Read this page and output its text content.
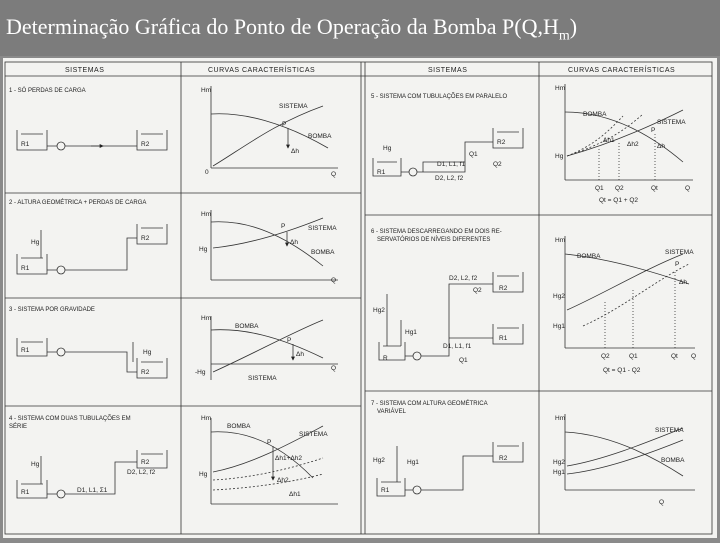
Determinação Gráfica do Ponto de Operação da Bomba $P(Q,H_m)$
SISTEMAS	CURVAS CARACTERÍSTICAS	SISTEMAS	CURVAS CARACTERÍSTICAS
1 - SÓ PERDAS DE CARGA
2 - ALTURA GEOMÉTRICA + PERDAS DE CARGA
3 - SISTEMA POR GRAVIDADE
4 - SISTEMA COM DUAS TUBULAÇÕES EM
SÉRIE
5 - SISTEMA COM TUBULAÇÕES EM PARALELO
6 - SISTEMA DESCARREGANDO EM DOIS RE-
SERVATÓRIOS DE NÍVEIS DIFERENTES
7 - SISTEMA COM ALTURA GEOMÉTRICA
VARIÁVEL
R1	R2
Hm
0	Q
SISTEMA
BOMBA
P
Δh
R1
R2
Hg
Hm
Hg
Q
SISTEMA
BOMBA
P
Δh
R1
R2
Hg
Hm
Q
BOMBA
SISTEMA
P
Δh
-Hg
R1
R2
Hg
D2, L2, f2
D1, L1, Σ1
Hm
Hg
BOMBA
SISTEMA
P
Δh1+Δh2
Δh2
Δh1
R1
R2
Hg
Q1
D1, L1, f1
D2, L2, f2
Q2
Hm
Hg
BOMBA
SISTEMA
P
Δh1
Δh2	Δh
Q1 Q2	Qt	Q
Qt = Q1 + Q2
R
R2
R1
Hg2
Hg1
D2, L2, f2
Q2
D1, L1, f1
Q1
Hm
BOMBA
SISTEMA
P
Δh
Hg2
Hg1
Q2	Q1	Qt Q
Qt = Q1 - Q2
R1
R2
Hg2	Hg1
Hm
Hg2
Hg1
SISTEMA
BOMBA
Q
